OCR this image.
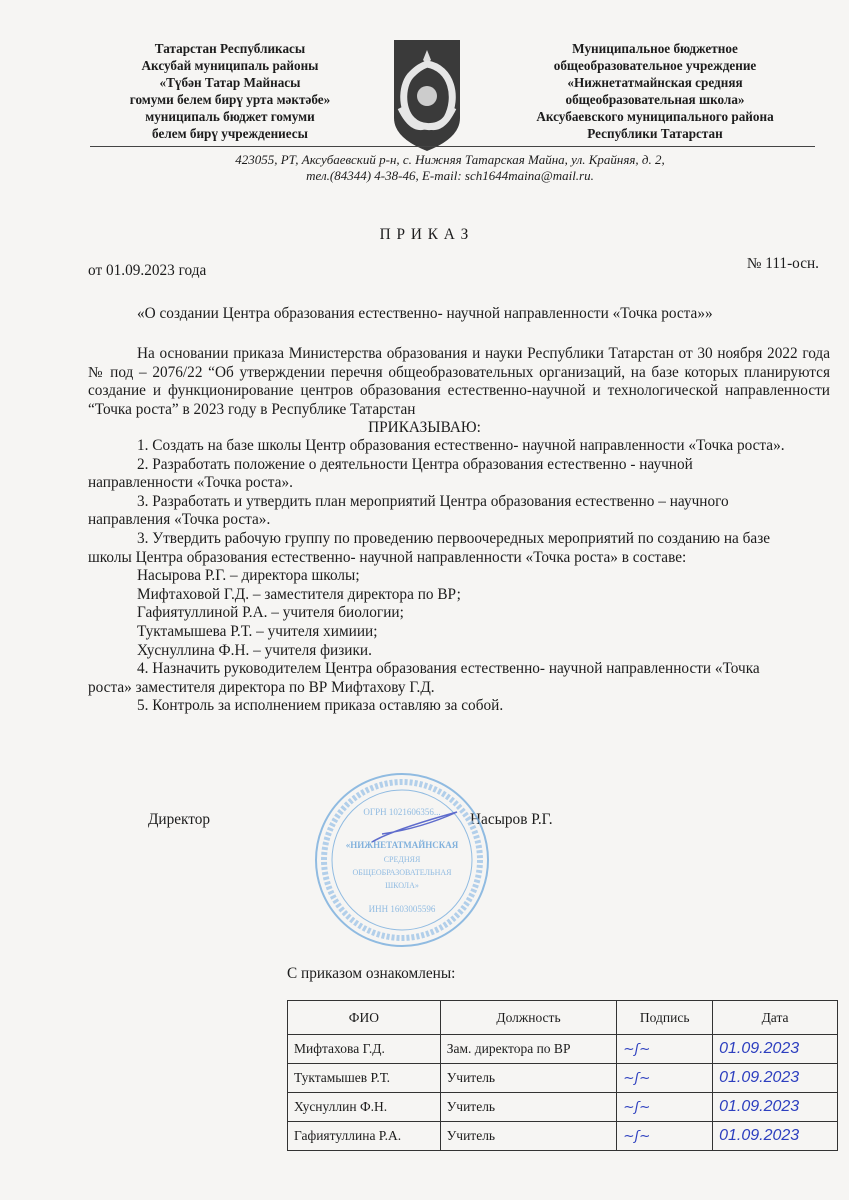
Татарстан Республикасы
Аксубай муниципаль районы
«Түбән Татар Майнасы
гомуми белем бирү урта мәктәбе»
муниципаль бюджет гомуми
белем бирү учреждениесы
Муниципальное бюджетное
общеобразовательное учреждение
«Нижнетатмайнская средняя
общеобразовательная школа»
Аксубаевского муниципального района
Республики Татарстан
423055, РТ, Аксубаевский р-н, с. Нижняя Татарская Майна, ул. Крайняя, д. 2,
тел.(84344) 4-38-46, E-mail: sch1644maina@mail.ru.
П Р И К А З
от 01.09.2023 года	№ 111-осн.
«О создании Центра образования естественно- научной направленности «Точка роста»»
На основании приказа Министерства образования и науки Республики Татарстан от 30 ноября 2022 года № под – 2076/22 “Об утверждении перечня общеобразовательных организаций, на базе которых планируются создание и функционирование центров образования естественно-научной и технологической направленности “Точка роста” в 2023 году в Республике Татарстан
ПРИКАЗЫВАЮ:
1. Создать на базе школы Центр образования естественно- научной направленности «Точка роста».
2. Разработать положение о деятельности Центра образования естественно - научной направленности «Точка роста».
3. Разработать и утвердить план мероприятий Центра образования естественно – научного направления «Точка роста».
3. Утвердить рабочую группу по проведению первоочередных мероприятий по созданию на базе школы Центра образования естественно- научной направленности «Точка роста» в составе:
Насырова Р.Г. – директора школы;
Мифтаховой Г.Д. – заместителя директора по ВР;
Гафиятуллиной Р.А. – учителя биологии;
Туктамышева Р.Т. – учителя химиии;
Хуснуллина Ф.Н. – учителя физики.
4. Назначить руководителем Центра образования естественно- научной направленности «Точка роста» заместителя директора по ВР Мифтахову Г.Д.
5. Контроль за исполнением приказа оставляю за собой.
Директор	Насыров Р.Г.
ОГРН 1021606356...
«НИЖНЕТАТМАЙНСКАЯ
СРЕДНЯЯ
ОБЩЕОБРАЗОВАТЕЛЬНАЯ
ШКОЛА»
ИНН 1603005596
С приказом ознакомлены:
ФИО	Должность	Подпись	Дата
Мифтахова Г.Д.	Зам. директора по ВР	~ʃ~	01.09.2023
Туктамышев Р.Т.	Учитель	~ʃ~	01.09.2023
Хуснуллин Ф.Н.	Учитель	~ʃ~	01.09.2023
Гафиятуллина Р.А.	Учитель	~ʃ~	01.09.2023
